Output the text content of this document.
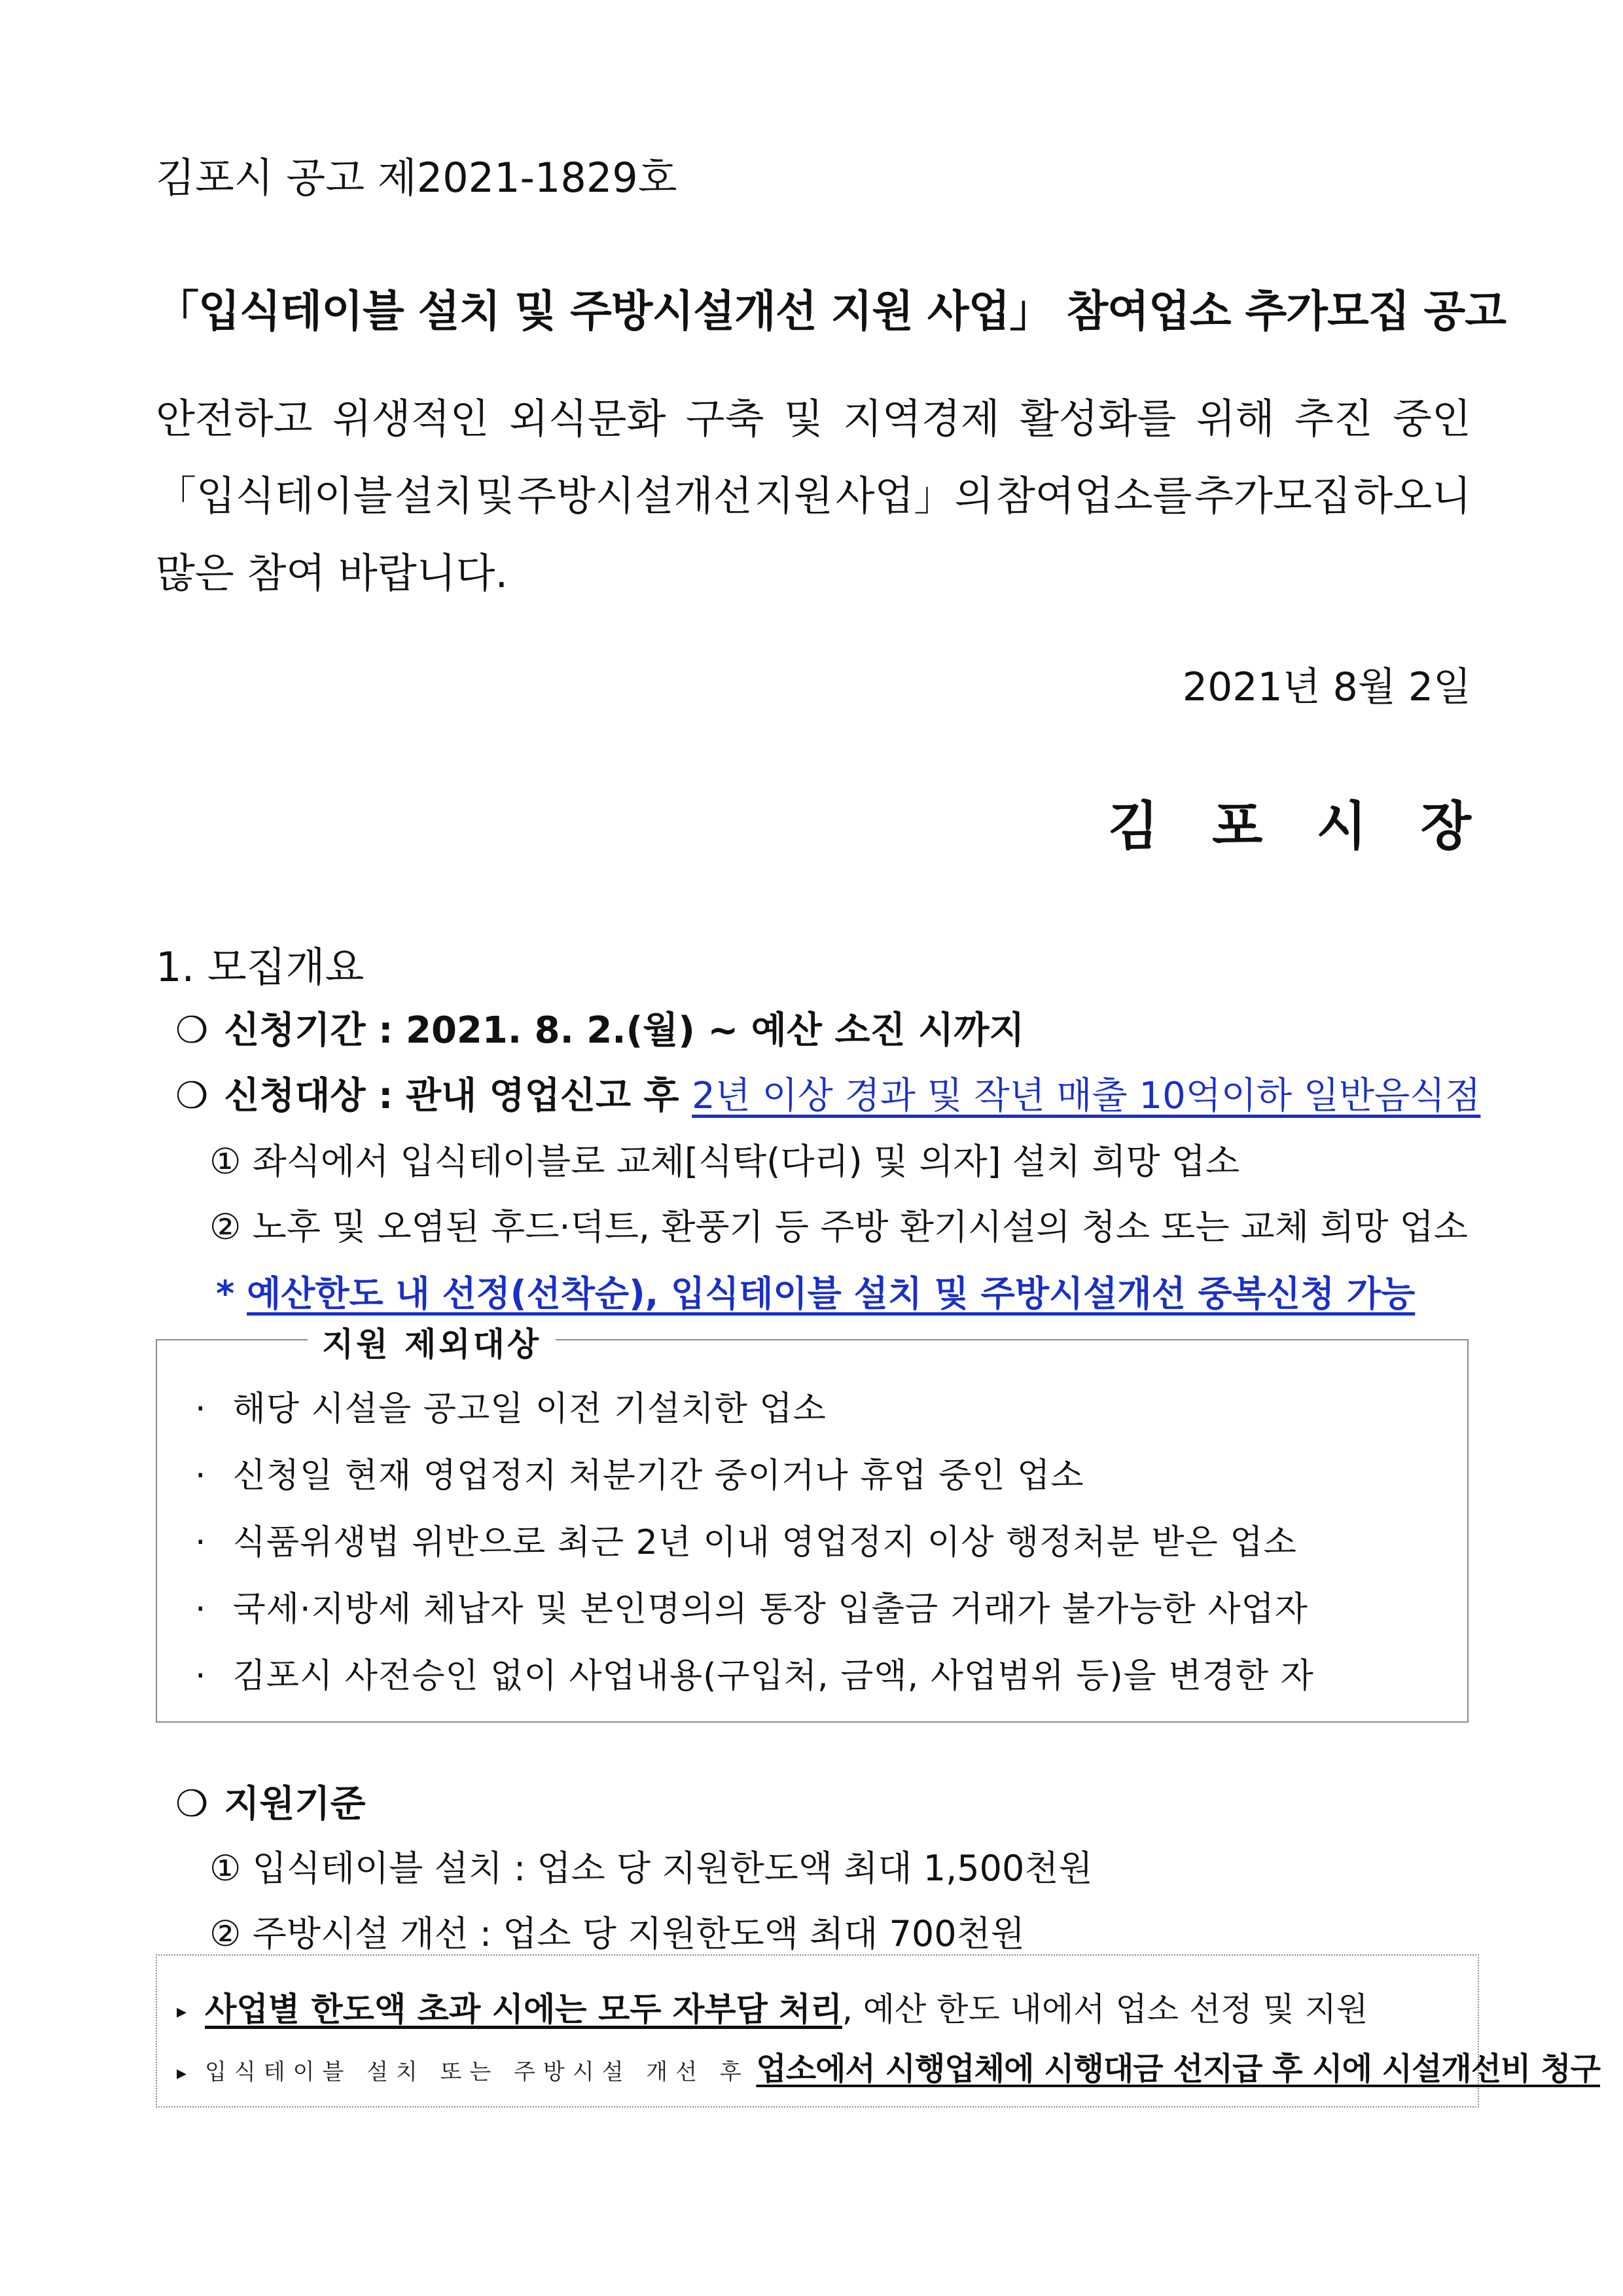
김포시 공고 제2021-1829호
「입식테이블 설치 및 주방시설개선 지원 사업」 참여업소 추가모집 공고
안전하고 위생적인 외식문화 구축 및 지역경제 활성화를 위해 추진 중인
「입식테이블 설치 및 주방시설개선 지원 사업」의 참여업소를 추가모집 하오니
많은 참여 바랍니다.
2021년 8월 2일
김포시장
1. 모집개요
❍ 신청기간 : 2021. 8. 2.(월) ~ 예산 소진 시까지
❍ 신청대상 : 관내 영업신고 후 2년 이상 경과 및 작년 매출 10억이하 일반음식점
① 좌식에서 입식테이블로 교체[식탁(다리) 및 의자] 설치 희망 업소
② 노후 및 오염된 후드·덕트, 환풍기 등 주방 환기시설의 청소 또는 교체 희망 업소
* 예산한도 내 선정(선착순), 입식테이블 설치 및 주방시설개선 중복신청 가능
지원 제외대상
· 해당 시설을 공고일 이전 기설치한 업소
· 신청일 현재 영업정지 처분기간 중이거나 휴업 중인 업소
· 식품위생법 위반으로 최근 2년 이내 영업정지 이상 행정처분 받은 업소
· 국세·지방세 체납자 및 본인명의의 통장 입출금 거래가 불가능한 사업자
· 김포시 사전승인 없이 사업내용(구입처, 금액, 사업범위 등)을 변경한 자
❍ 지원기준
① 입식테이블 설치 : 업소 당 지원한도액 최대 1,500천원
② 주방시설 개선 : 업소 당 지원한도액 최대 700천원
▸ 사업별 한도액 초과 시에는 모두 자부담 처리, 예산 한도 내에서 업소 선정 및 지원
▸ 입식테이블 설치 또는 주방시설 개선 후 업소에서 시행업체에 시행대금 선지급 후 시에 시설개선비 청구
